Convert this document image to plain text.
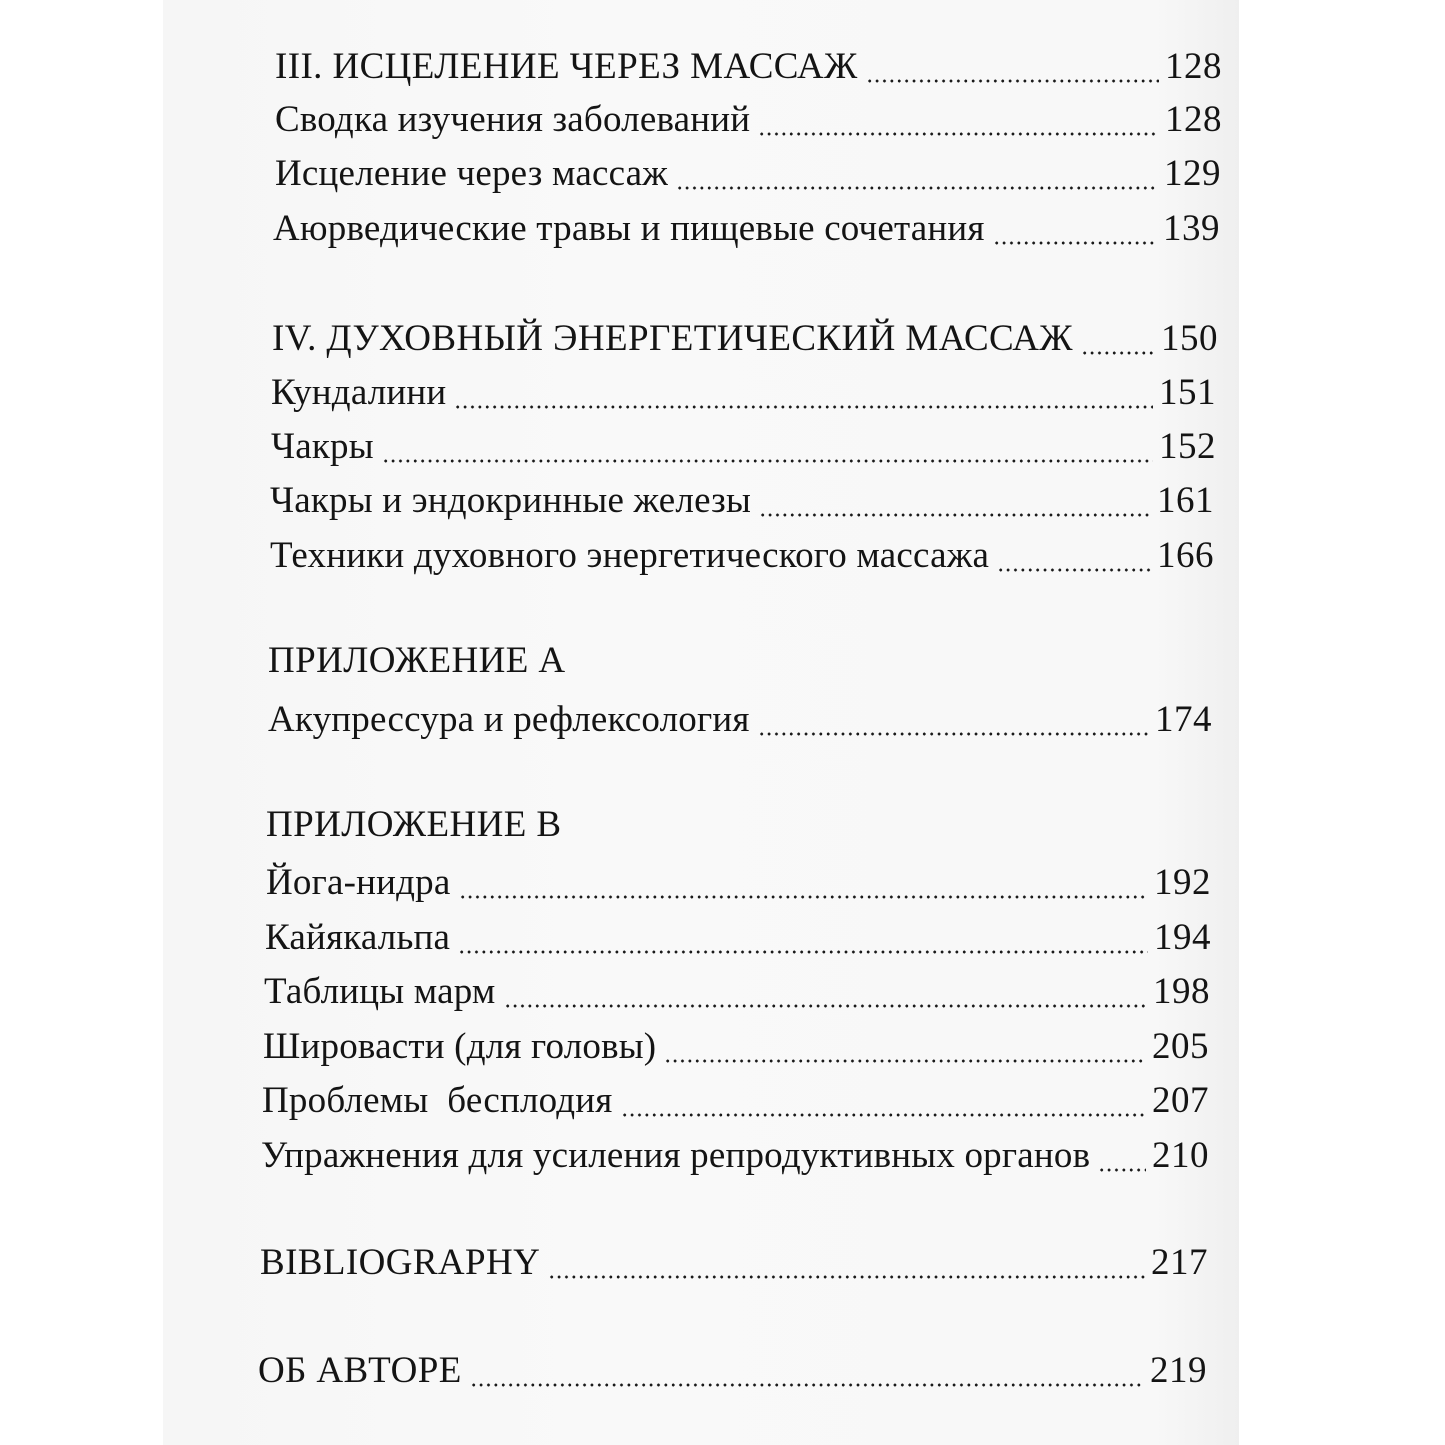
III. ИСЦЕЛЕНИЕ ЧЕРЕЗ МАССАЖ	128
Сводка изучения заболеваний	128
Исцеление через массаж	129
Аюрведические травы и пищевые сочетания	139
IV. ДУХОВНЫЙ ЭНЕРГЕТИЧЕСКИЙ МАССАЖ 150
Кундалини	151
Чакры	152
Чакры и эндокринные железы	161
Техники духовного энергетического массажа	166
ПРИЛОЖЕНИЕ А
Акупрессура и рефлексология	174
ПРИЛОЖЕНИЕ В
Йога-нидра	192
Кайякальпа	194
Таблицы марм	198
Шировасти (для головы)	205
Проблемы  бесплодия	207
Упражнения для усиления репродуктивных органов 210
BIBLIOGRAPHY	217
ОБ АВТОРЕ	219
